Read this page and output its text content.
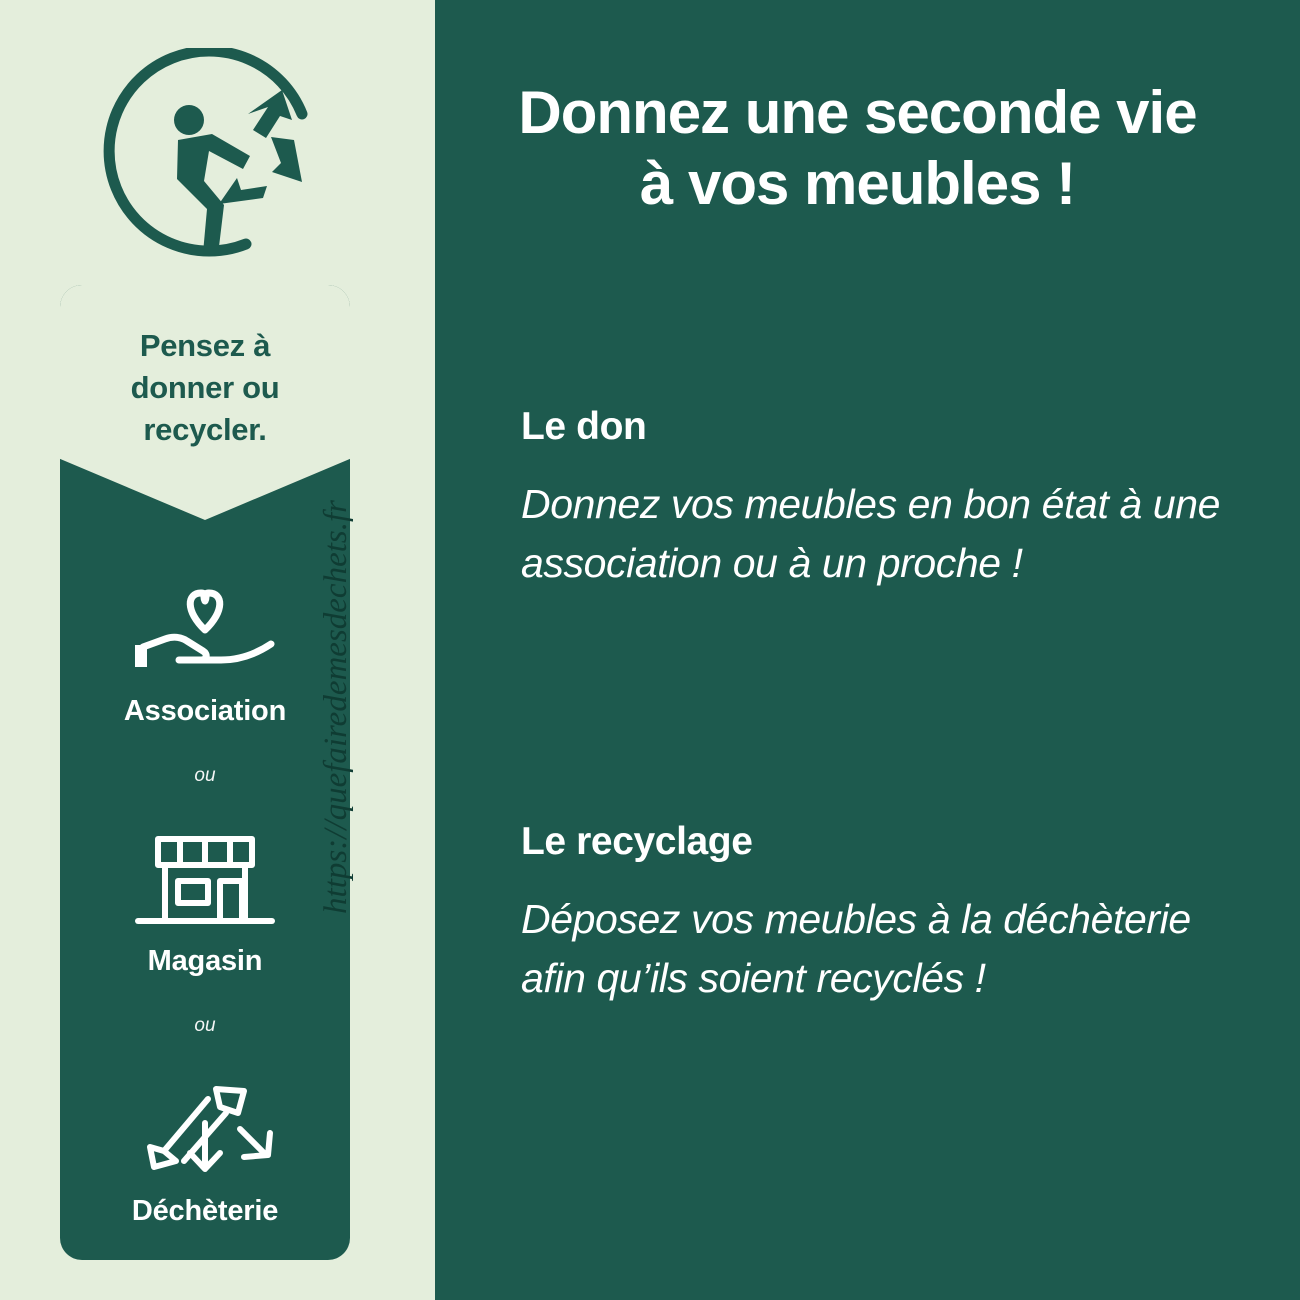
Pensez à
donner ou
recycler.
Association
ou
Magasin
ou
Déchèterie
https://quefairedemesdechets.fr
Donnez une seconde vie
à vos meubles !
Le don
Donnez vos meubles en bon état à une association ou à un proche !
Le recyclage
Déposez vos meubles à la déchèterie afin qu’ils soient recyclés !
